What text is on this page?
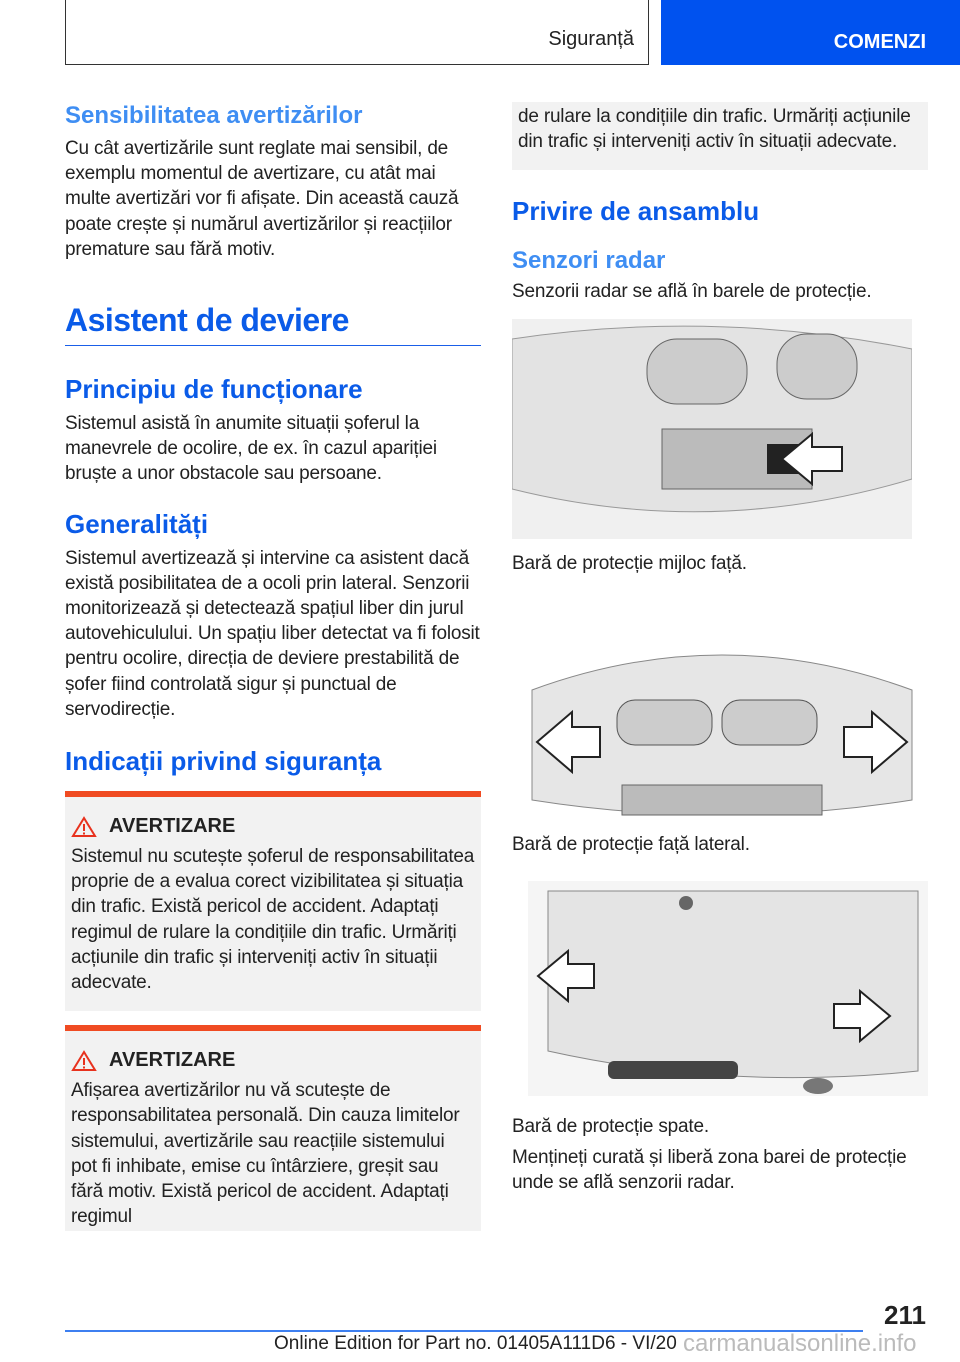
Siguranță	COMENZI
Sensibilitatea avertizărilor

Cu cât avertizările sunt reglate mai sensibil, de exemplu momentul de avertizare, cu atât mai multe avertizări vor fi afișate. Din această cauză poate crește și numărul avertizărilor și reacțiilor premature sau fără motiv.

Asistent de deviere
Principiu de funcționare

Sistemul asistă în anumite situații șoferul la manevrele de ocolire, de ex. în cazul apariției bruște a unor obstacole sau persoane.

Generalități

Sistemul avertizează și intervine ca asistent dacă există posibilitatea de a ocoli prin lateral. Senzorii monitorizează și detectează spațiul liber din jurul autovehiculului. Un spațiu liber detectat va fi folosit pentru ocolire, direcția de deviere prestabilită de șofer fiind controlată sigur și punctual de servodirecție.

Indicații privind siguranța
AVERTIZARE

Sistemul nu scutește șoferul de responsabilitatea proprie de a evalua corect vizibilitatea și situația din trafic. Există pericol de accident. Adaptați regimul de rulare la condițiile din trafic. Urmăriți acțiunile din trafic și interveniți activ în situații adecvate.

AVERTIZARE

Afișarea avertizărilor nu vă scutește de responsabilitatea personală. Din cauza limitelor sistemului, avertizările sau reacțiile sistemului pot fi inhibate, emise cu întârziere, greșit sau fără motiv. Există pericol de accident. Adaptați regimul

de rulare la condițiile din trafic. Urmăriți acțiunile din trafic și interveniți activ în situații adecvate.

Privire de ansamblu
Senzori radar

Senzorii radar se află în barele de protecție.

Bară de protecție mijloc față.

Bară de protecție față lateral.

Bară de protecție spate.

Mențineți curată și liberă zona barei de protecție unde se află senzorii radar.

211
Online Edition for Part no. 01405A111D6 - VI/20 carmanualsonline.info
